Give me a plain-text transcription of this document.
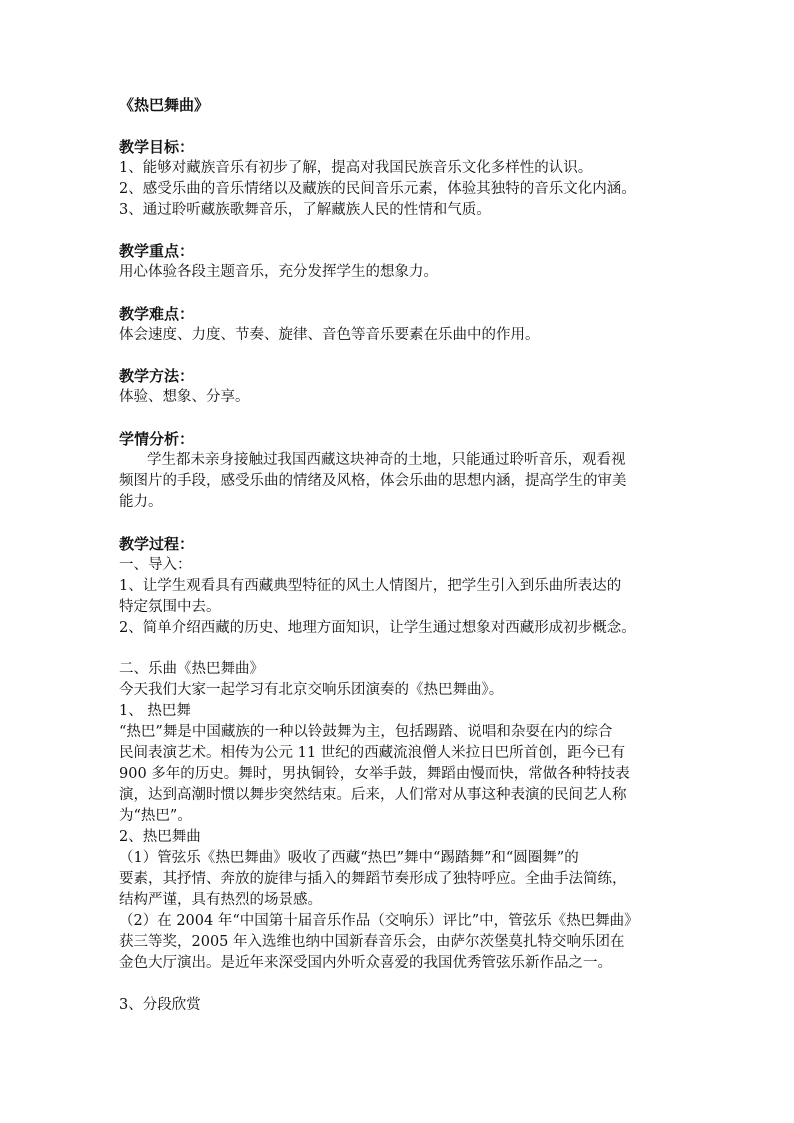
《热巴舞曲》
教学目标：
1、能够对藏族音乐有初步了解，提高对我国民族音乐文化多样性的认识。
2、感受乐曲的音乐情绪以及藏族的民间音乐元素，体验其独特的音乐文化内涵。
3、通过聆听藏族歌舞音乐，了解藏族人民的性情和气质。
教学重点：
用心体验各段主题音乐，充分发挥学生的想象力。
教学难点：
体会速度、力度、节奏、旋律、音色等音乐要素在乐曲中的作用。
教学方法：
体验、想象、分享。
学情分析：
学生都未亲身接触过我国西藏这块神奇的土地，只能通过聆听音乐，观看视
频图片的手段，感受乐曲的情绪及风格，体会乐曲的思想内涵，提高学生的审美
能力。
教学过程：
一、导入：
1、让学生观看具有西藏典型特征的风土人情图片，把学生引入到乐曲所表达的
特定氛围中去。
2、简单介绍西藏的历史、地理方面知识，让学生通过想象对西藏形成初步概念。
二、乐曲《热巴舞曲》
今天我们大家一起学习有北京交响乐团演奏的《热巴舞曲》。
1、 热巴舞
“热巴”舞是中国藏族的一种以铃鼓舞为主，包括踢踏、说唱和杂耍在内的综合
民间表演艺术。相传为公元 11 世纪的西藏流浪僧人米拉日巴所首创，距今已有
900 多年的历史。舞时，男执铜铃，女举手鼓，舞蹈由慢而快，常做各种特技表
演，达到高潮时惯以舞步突然结束。后来，人们常对从事这种表演的民间艺人称
为“热巴”。
2、热巴舞曲
（1）管弦乐《热巴舞曲》吸收了西藏“热巴”舞中“踢踏舞”和“圆圈舞”的
要素，其抒情、奔放的旋律与插入的舞蹈节奏形成了独特呼应。全曲手法简练，
结构严谨，具有热烈的场景感。
（2）在 2004 年“中国第十届音乐作品（交响乐）评比”中，管弦乐《热巴舞曲》
获三等奖，2005 年入选维也纳中国新春音乐会，由萨尔茨堡莫扎特交响乐团在
金色大厅演出。是近年来深受国内外听众喜爱的我国优秀管弦乐新作品之一。
3、分段欣赏
